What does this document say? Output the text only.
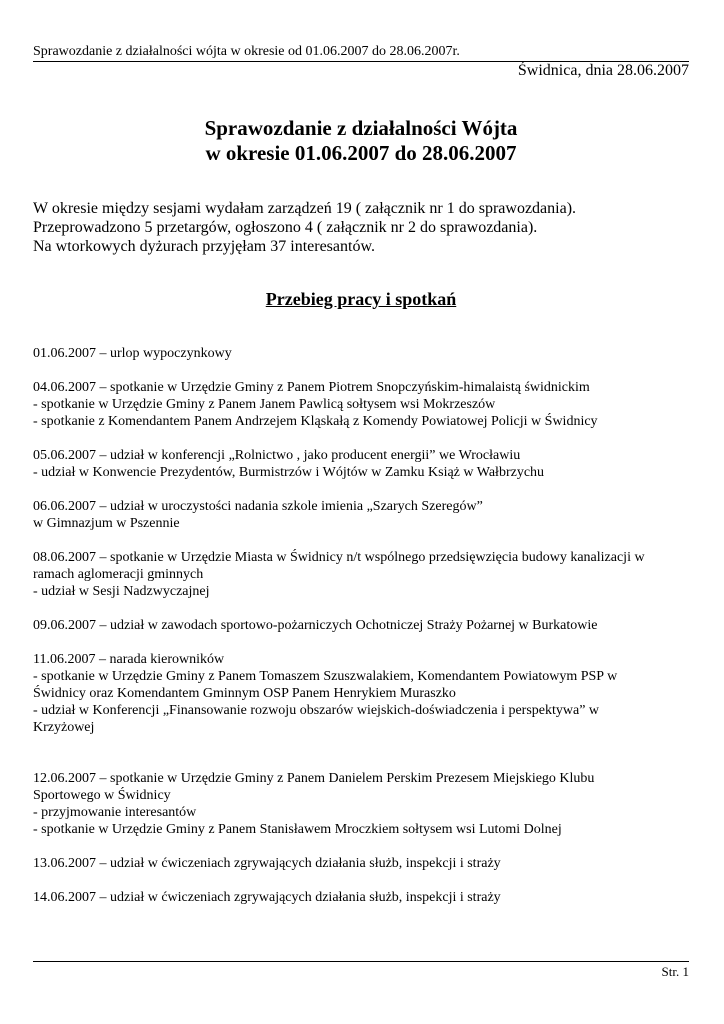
Sprawozdanie z działalności wójta w okresie od 01.06.2007 do 28.06.2007r.
Świdnica, dnia 28.06.2007
Sprawozdanie z działalności Wójta
w okresie 01.06.2007 do 28.06.2007
W okresie między sesjami wydałam zarządzeń 19 ( załącznik nr 1 do sprawozdania).
Przeprowadzono 5 przetargów, ogłoszono 4 ( załącznik nr 2 do sprawozdania).
Na wtorkowych dyżurach przyjęłam 37 interesantów.
Przebieg pracy i spotkań
01.06.2007 – urlop wypoczynkowy
04.06.2007 – spotkanie w Urzędzie Gminy z Panem Piotrem Snopczyńskim-himalaistą świdnickim
- spotkanie w Urzędzie Gminy z Panem Janem Pawlicą sołtysem wsi Mokrzeszów
- spotkanie z Komendantem Panem Andrzejem Kląskałą z Komendy Powiatowej Policji w Świdnicy
05.06.2007 – udział w konferencji „Rolnictwo , jako producent energii” we Wrocławiu
- udział w Konwencie Prezydentów, Burmistrzów i Wójtów w Zamku Książ w Wałbrzychu
06.06.2007 – udział w uroczystości nadania szkole imienia „Szarych Szeregów”
w Gimnazjum w Pszennie
08.06.2007 – spotkanie w Urzędzie Miasta w Świdnicy n/t wspólnego przedsięwzięcia budowy kanalizacji w
ramach aglomeracji gminnych
- udział w Sesji Nadzwyczajnej
09.06.2007 – udział w zawodach sportowo-pożarniczych Ochotniczej Straży Pożarnej w Burkatowie
11.06.2007 – narada kierowników
- spotkanie w Urzędzie Gminy z Panem Tomaszem Szuszwalakiem, Komendantem Powiatowym PSP w
Świdnicy oraz Komendantem Gminnym OSP Panem Henrykiem Muraszko
- udział w Konferencji „Finansowanie rozwoju obszarów wiejskich-doświadczenia i perspektywa” w
Krzyżowej
12.06.2007 – spotkanie w Urzędzie Gminy z Panem Danielem Perskim Prezesem Miejskiego Klubu
Sportowego w Świdnicy
- przyjmowanie interesantów
- spotkanie w Urzędzie Gminy z Panem Stanisławem Mroczkiem sołtysem wsi Lutomi Dolnej
13.06.2007 – udział w ćwiczeniach zgrywających działania służb, inspekcji i straży
14.06.2007 – udział w ćwiczeniach zgrywających działania służb, inspekcji i straży
Str. 1
